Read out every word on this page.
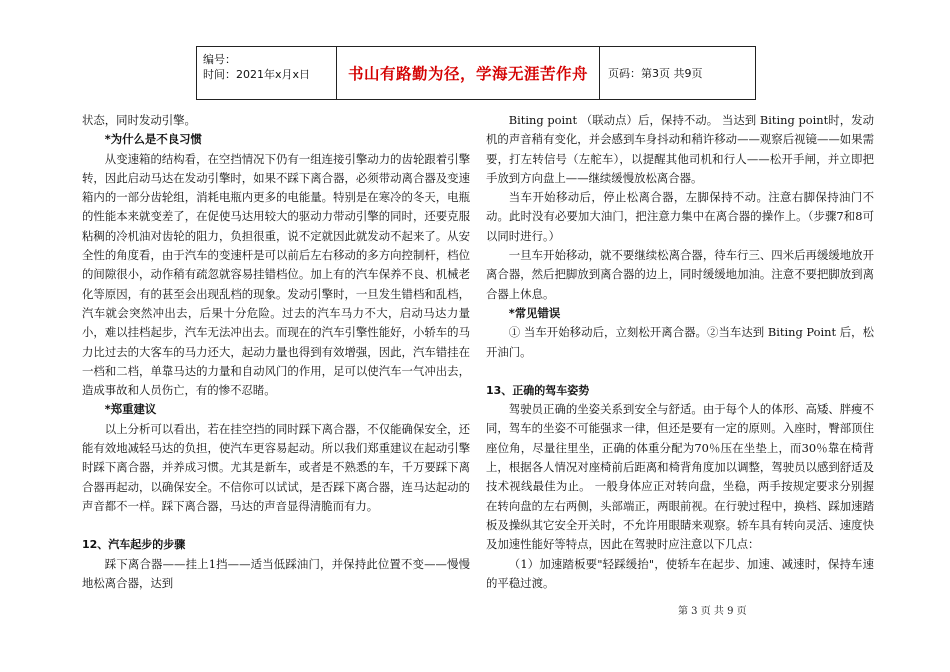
编号：
时间：2021年x月x日	书山有路勤为径，学海无涯苦作舟	页码：第3页 共9页

状态，同时发动引擎。

*为什么是不良习惯

从变速箱的结构看，在空挡情况下仍有一组连接引擎动力的齿轮跟着引擎转，因此启动马达在发动引擎时，如果不踩下离合器，必须带动离合器及变速箱内的一部分齿轮组，消耗电瓶内更多的电能量。特别是在寒冷的冬天，电瓶的性能本来就变差了，在促使马达用较大的驱动力带动引擎的同时，还要克服粘稠的冷机油对齿轮的阻力，负担很重，说不定就因此就发动不起来了。从安全性的角度看，由于汽车的变速杆是可以前后左右移动的多方向控制杆，档位的间隙很小，动作稍有疏忽就容易挂错档位。加上有的汽车保养不良、机械老化等原因，有的甚至会出现乱档的现象。发动引擎时，一旦发生错档和乱档，汽车就会突然冲出去，后果十分危险。过去的汽车马力不大，启动马达力量小，难以挂档起步，汽车无法冲出去。而现在的汽车引擎性能好，小轿车的马力比过去的大客车的马力还大，起动力量也得到有效增强，因此，汽车错挂在一档和二档，单靠马达的力量和自动风门的作用，足可以使汽车一气冲出去，造成事故和人员伤亡，有的惨不忍睹。

*郑重建议

以上分析可以看出，若在挂空挡的同时踩下离合器，不仅能确保安全，还能有效地减轻马达的负担，使汽车更容易起动。所以我们郑重建议在起动引擎时踩下离合器，并养成习惯。尤其是新车，或者是不熟悉的车，千万要踩下离合器再起动，以确保安全。不信你可以试试，是否踩下离合器，连马达起动的声音都不一样。踩下离合器，马达的声音显得清脆而有力。

12、汽车起步的步骤

踩下离合器——挂上1挡——适当低踩油门，并保持此位置不变——慢慢地松离合器，达到

Biting point （联动点）后，保持不动。 当达到 Biting point时，发动机的声音稍有变化，并会感到车身抖动和稍许移动——观察后视镜——如果需要，打左转信号（左舵车），以提醒其他司机和行人——松开手闸，并立即把手放到方向盘上——继续缓慢放松离合器。

当车开始移动后，停止松离合器，左脚保持不动。注意右脚保持油门不动。此时没有必要加大油门，把注意力集中在离合器的操作上。（步骤7和8可以同时进行。）

一旦车开始移动，就不要继续松离合器，待车行三、四米后再缓缓地放开离合器，然后把脚放到离合器的边上，同时缓缓地加油。注意不要把脚放到离合器上休息。

*常见错误

① 当车开始移动后，立刻松开离合器。②当车达到 Biting Point 后，松开油门。

13、正确的驾车姿势

驾驶员正确的坐姿关系到安全与舒适。由于每个人的体形、高矮、胖瘦不同，驾车的坐姿不可能强求一律，但还是要有一定的原则。入座时，臀部顶住座位角，尽量往里坐，正确的体重分配为70％压在坐垫上，而30％靠在椅背上，根据各人情况对座椅前后距离和椅背角度加以调整，驾驶员以感到舒适及技术视线最佳为止。 一般身体应正对转向盘，坐稳，两手按规定要求分别握在转向盘的左右两侧，头部端正，两眼前视。在行驶过程中，换档、踩加速踏板及操纵其它安全开关时，不允许用眼睛来观察。轿车具有转向灵活、速度快及加速性能好等特点，因此在驾驶时应注意以下几点：

（1）加速踏板要"轻踩缓抬"，使轿车在起步、加速、减速时，保持车速的平稳过渡。

第 3 页 共 9 页
